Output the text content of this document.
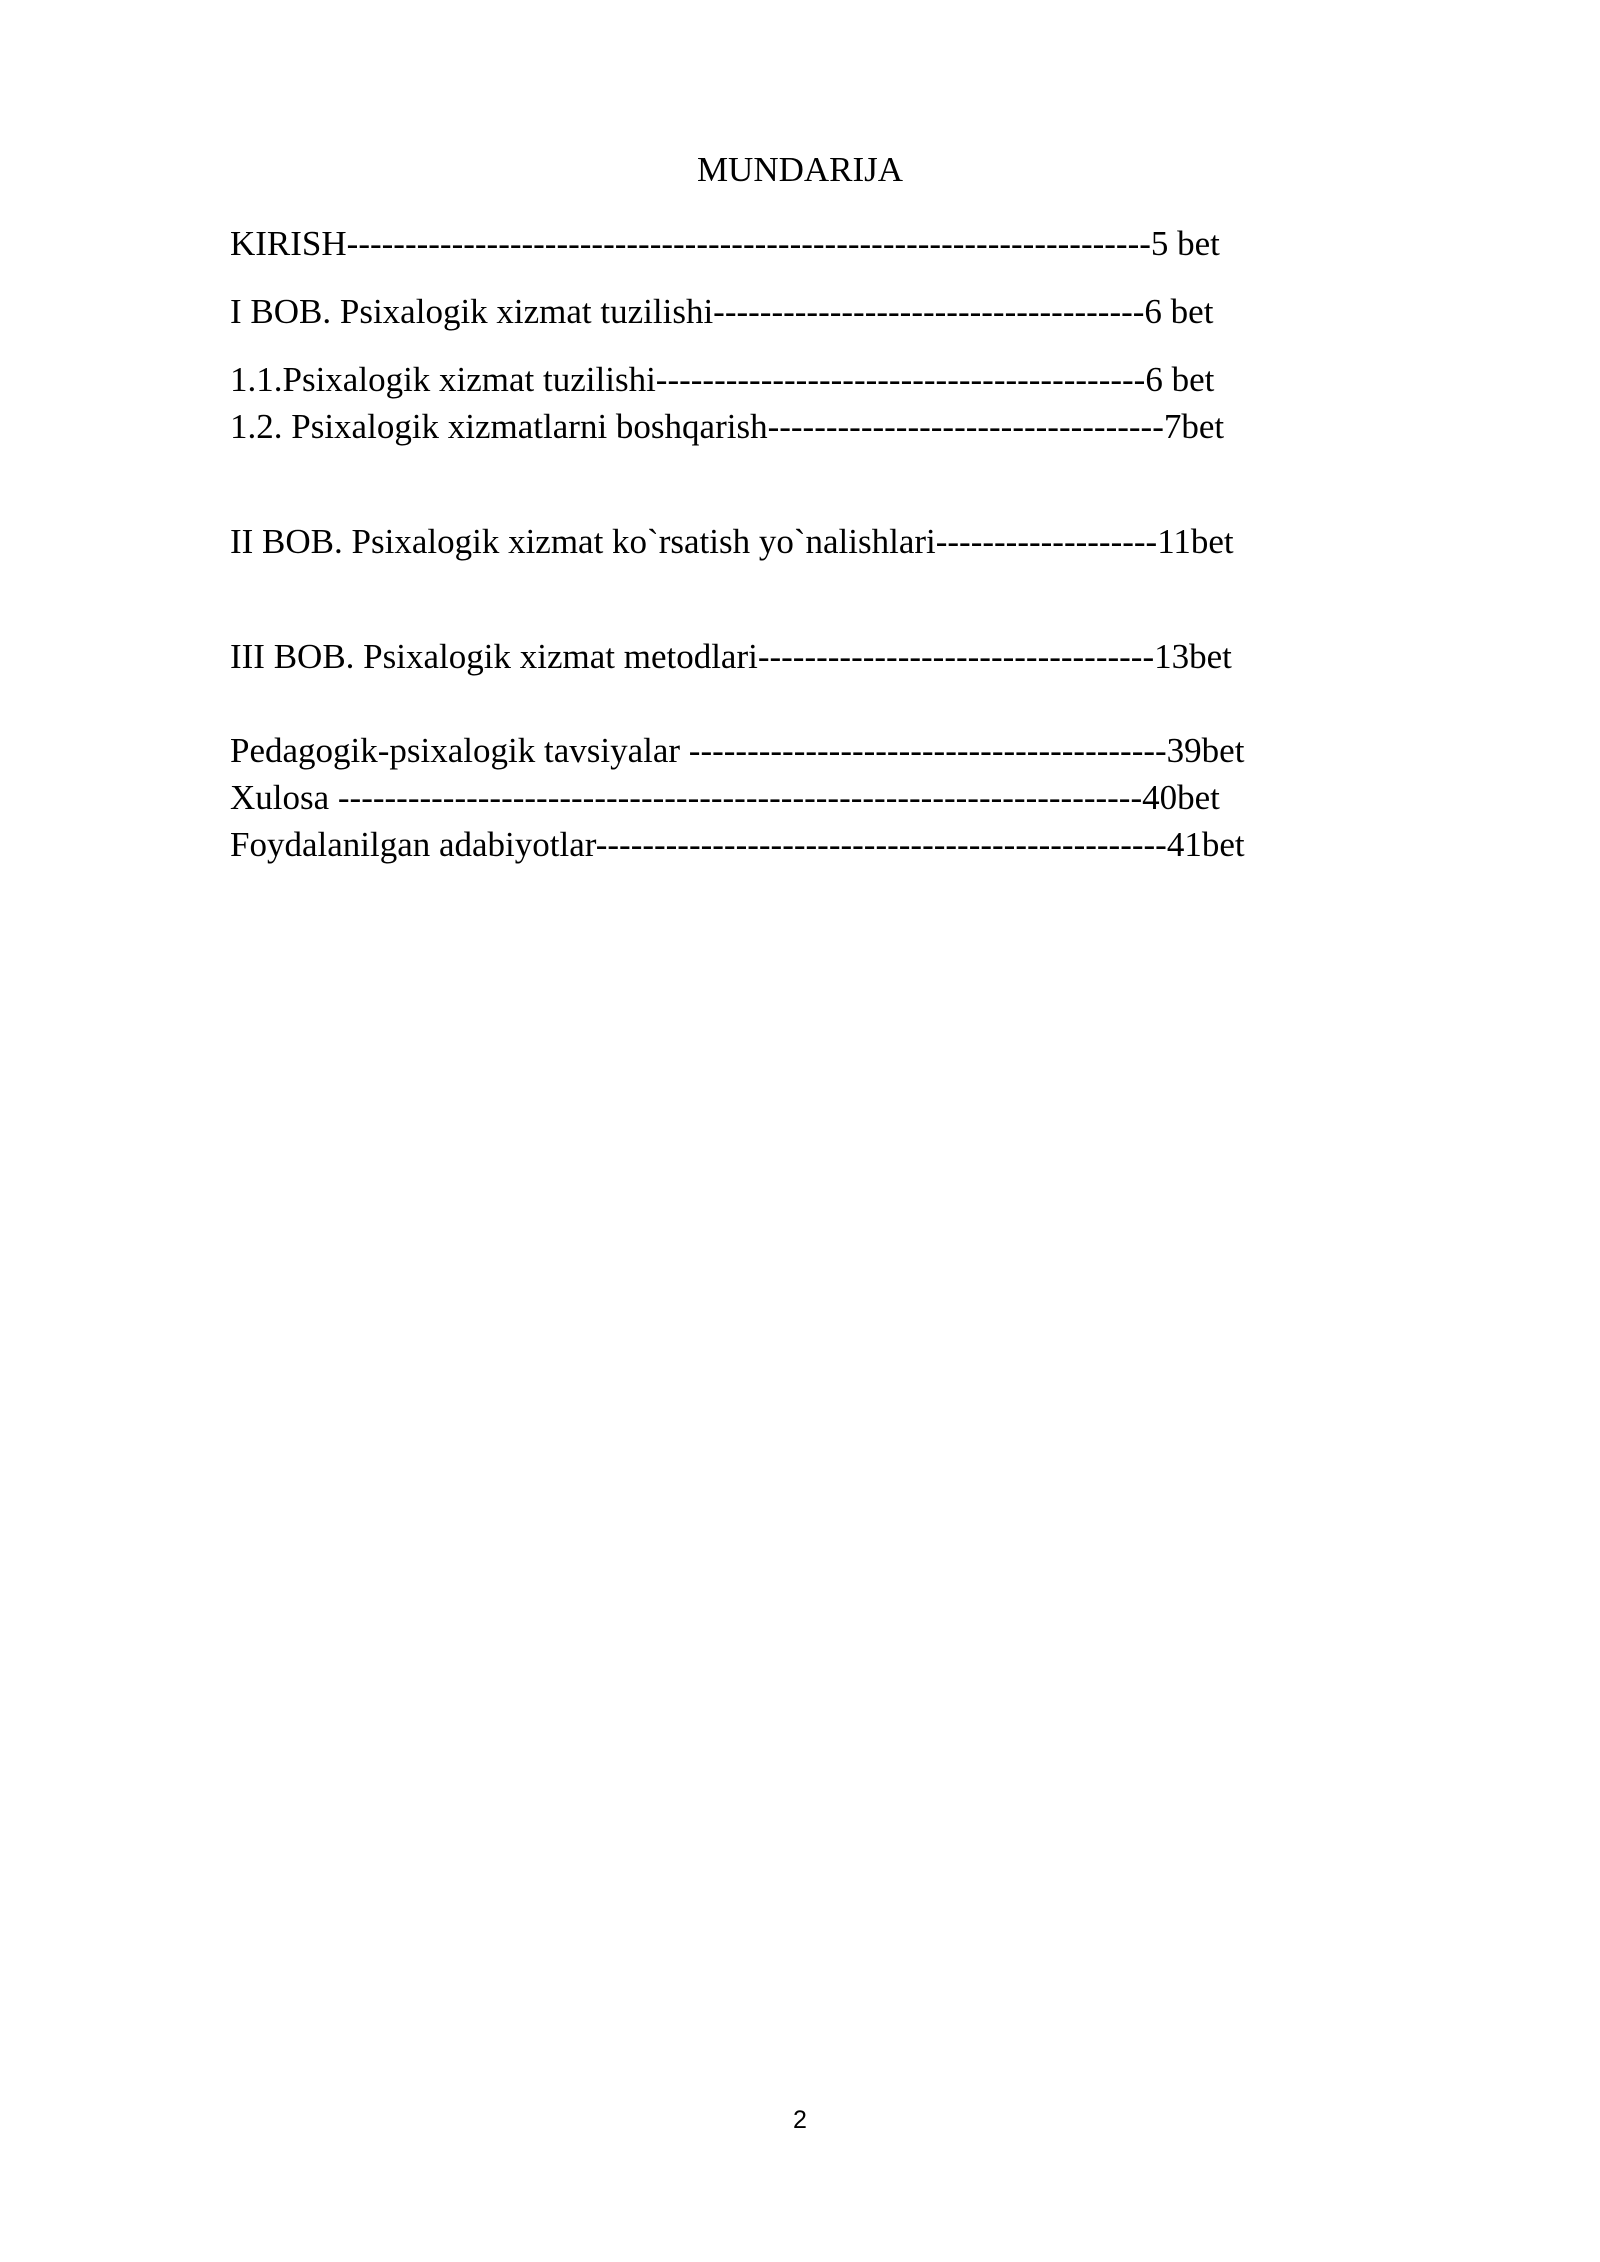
MUNDARIJA
KIRISH---------------------------------------------------------------------5 bet
I BOB. Psixalogik xizmat tuzilishi-------------------------------------6 bet
1.1.Psixalogik xizmat tuzilishi------------------------------------------6 bet
1.2. Psixalogik xizmatlarni boshqarish----------------------------------7bet
II BOB. Psixalogik xizmat ko`rsatish yo`nalishlari-------------------11bet
III BOB. Psixalogik xizmat metodlari----------------------------------13bet
Pedagogik-psixalogik tavsiyalar -----------------------------------------39bet
Xulosa ---------------------------------------------------------------------40bet
Foydalanilgan adabiyotlar-------------------------------------------------41bet
2
